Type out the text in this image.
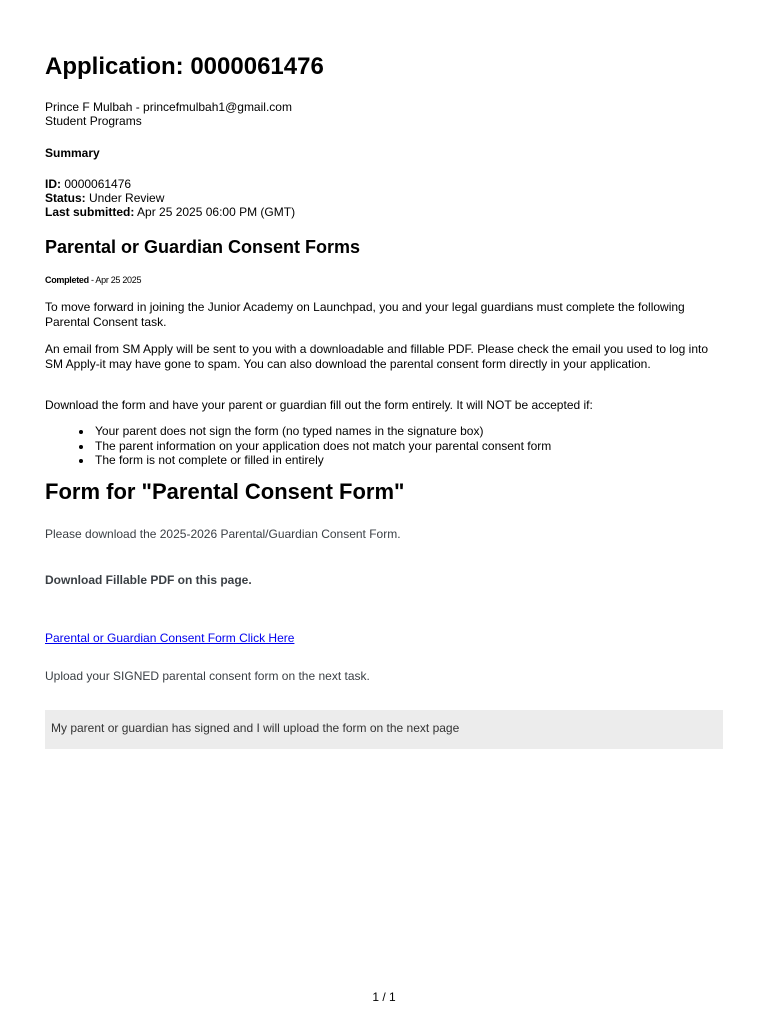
Application: 0000061476
Prince F Mulbah - princefmulbah1@gmail.com
Student Programs
Summary
ID: 0000061476
Status: Under Review
Last submitted: Apr 25 2025 06:00 PM (GMT)
Parental or Guardian Consent Forms
Completed - Apr 25 2025

To move forward in joining the Junior Academy on Launchpad, you and your legal guardians must complete the following Parental Consent task.

An email from SM Apply will be sent to you with a downloadable and fillable PDF. Please check the email you used to log into SM Apply-it may have gone to spam. You can also download the parental consent form directly in your application.

Download the form and have your parent or guardian fill out the form entirely. It will NOT be accepted if:

Your parent does not sign the form (no typed names in the signature box)
The parent information on your application does not match your parental consent form
The form is not complete or filled in entirely
Form for "Parental Consent Form"
Please download the 2025-2026 Parental/Guardian Consent Form.
Download Fillable PDF on this page.
Parental or Guardian Consent Form Click Here
Upload your SIGNED parental consent form on the next task.
My parent or guardian has signed and I will upload the form on the next page
1 / 1
